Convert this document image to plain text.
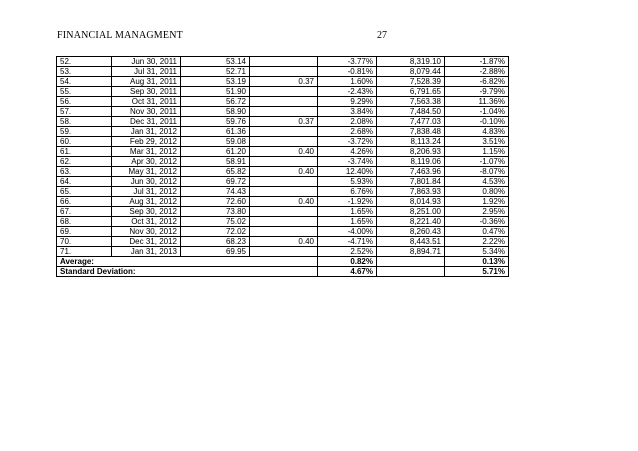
FINANCIAL MANAGMENT	27
52.	Jun 30, 2011	53.14		-3.77%	8,319.10	-1.87%
53.	Jul 31, 2011	52.71		-0.81%	8,079.44	-2.88%
54.	Aug 31, 2011	53.19	0.37	1.60%	7,528.39	-6.82%
55.	Sep 30, 2011	51.90		-2.43%	6,791.65	-9.79%
56.	Oct 31, 2011	56.72		9.29%	7,563.38	11.36%
57.	Nov 30, 2011	58.90		3.84%	7,484.50	-1.04%
58.	Dec 31, 2011	59.76	0.37	2.08%	7,477.03	-0.10%
59.	Jan 31, 2012	61.36		2.68%	7,838.48	4.83%
60.	Feb 29, 2012	59.08		-3.72%	8,113.24	3.51%
61.	Mar 31, 2012	61.20	0.40	4.26%	8,206.93	1.15%
62.	Apr 30, 2012	58.91		-3.74%	8,119.06	-1.07%
63.	May 31, 2012	65.82	0.40	12.40%	7,463.96	-8.07%
64.	Jun 30, 2012	69.72		5.93%	7,801.84	4.53%
65.	Jul 31, 2012	74.43		6.76%	7,863.93	0.80%
66.	Aug 31, 2012	72.60	0.40	-1.92%	8,014.93	1.92%
67.	Sep 30, 2012	73.80		1.65%	8,251.00	2.95%
68.	Oct 31, 2012	75.02		1.65%	8,221.40	-0.36%
69.	Nov 30, 2012	72.02		-4.00%	8,260.43	0.47%
70.	Dec 31, 2012	68.23	0.40	-4.71%	8,443.51	2.22%
71.	Jan 31, 2013	69.95		2.52%	8,894.71	5.34%
Average:				0.82%		0.13%
Standard Deviation:				4.67%		5.71%
